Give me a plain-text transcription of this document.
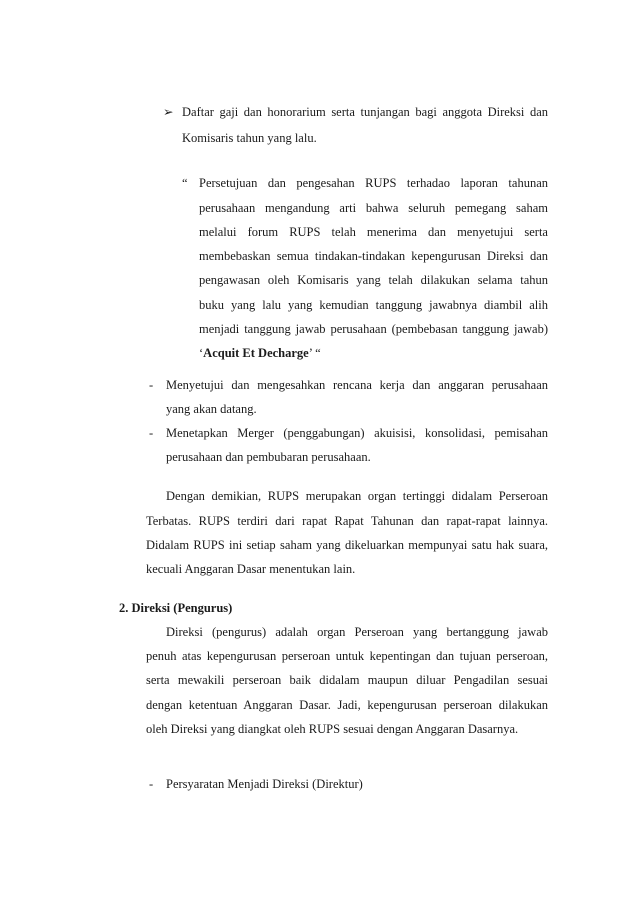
➢ Daftar gaji dan honorarium serta tunjangan bagi anggota Direksi dan
Komisaris tahun yang lalu.
“ Persetujuan dan pengesahan RUPS terhadao laporan tahunan
perusahaan mengandung arti bahwa seluruh pemegang saham
melalui forum RUPS telah menerima dan menyetujui serta
membebaskan semua tindakan-tindakan kepengurusan Direksi dan
pengawasan oleh Komisaris yang telah dilakukan selama tahun
buku yang lalu yang kemudian tanggung jawabnya diambil alih
menjadi tanggung jawab perusahaan (pembebasan tanggung jawab)
‘Acquit Et Decharge’ “
- Menyetujui dan mengesahkan rencana kerja dan anggaran perusahaan
yang akan datang.
- Menetapkan Merger (penggabungan) akuisisi, konsolidasi, pemisahan
perusahaan dan pembubaran perusahaan.
Dengan demikian, RUPS merupakan organ tertinggi didalam Perseroan
Terbatas. RUPS terdiri dari rapat Rapat Tahunan dan rapat-rapat lainnya.
Didalam RUPS ini setiap saham yang dikeluarkan mempunyai satu hak suara,
kecuali Anggaran Dasar menentukan lain.
2. Direksi (Pengurus)
Direksi (pengurus) adalah organ Perseroan yang bertanggung jawab
penuh atas kepengurusan perseroan untuk kepentingan dan tujuan perseroan,
serta mewakili perseroan baik didalam maupun diluar Pengadilan sesuai
dengan ketentuan Anggaran Dasar. Jadi, kepengurusan perseroan dilakukan
oleh Direksi yang diangkat oleh RUPS sesuai dengan Anggaran Dasarnya.
- Persyaratan Menjadi Direksi (Direktur)
